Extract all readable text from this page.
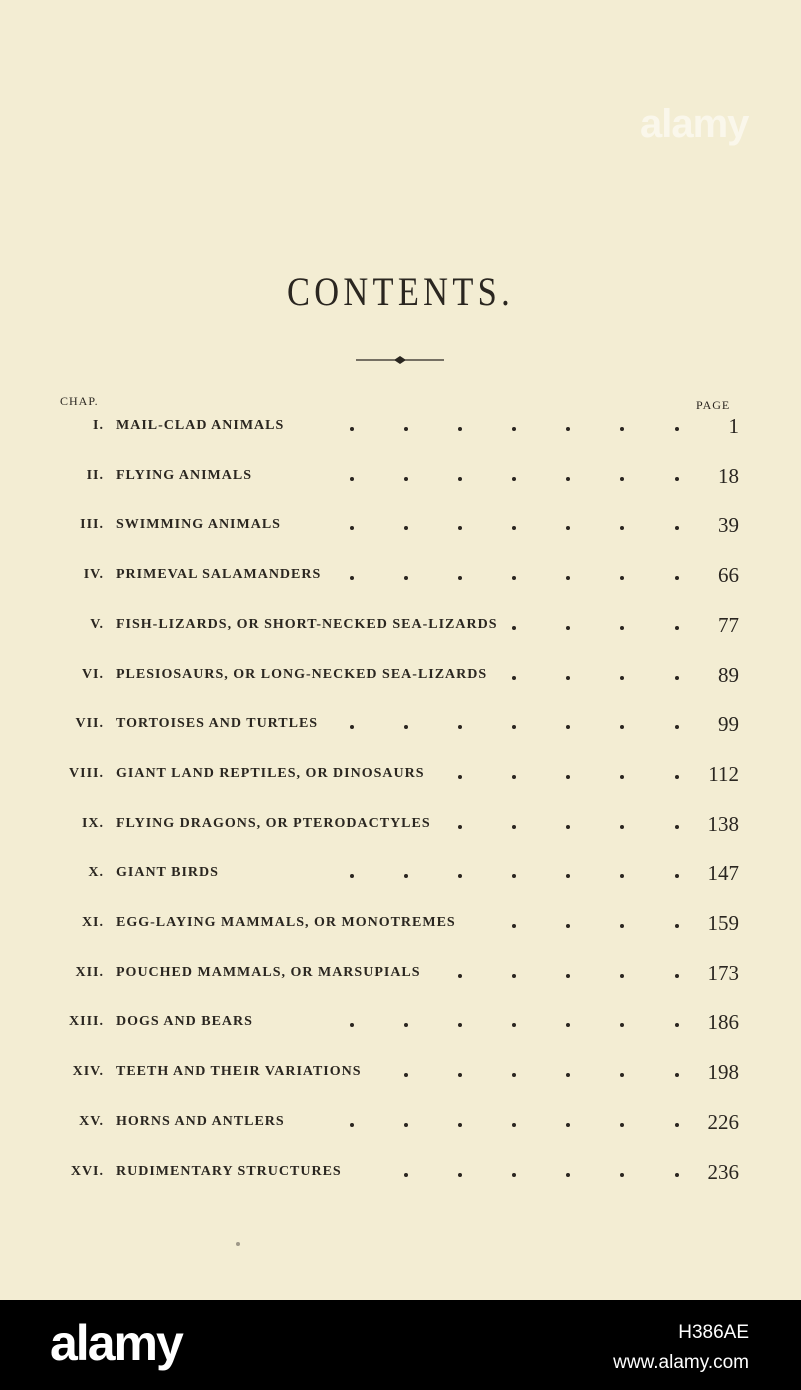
alamy
CONTENTS.
CHAP.	PAGE
I. MAIL-CLAD ANIMALS	1
II. FLYING ANIMALS	18
III. SWIMMING ANIMALS	39
IV. PRIMEVAL SALAMANDERS	66
V. FISH-LIZARDS, OR SHORT-NECKED SEA-LIZARDS	77
VI. PLESIOSAURS, OR LONG-NECKED SEA-LIZARDS	89
VII. TORTOISES AND TURTLES	99
VIII. GIANT LAND REPTILES, OR DINOSAURS	112
IX. FLYING DRAGONS, OR PTERODACTYLES	138
X. GIANT BIRDS	147
XI. EGG-LAYING MAMMALS, OR MONOTREMES	159
XII. POUCHED MAMMALS, OR MARSUPIALS	173
XIII. DOGS AND BEARS	186
XIV. TEETH AND THEIR VARIATIONS	198
XV. HORNS AND ANTLERS	226
XVI. RUDIMENTARY STRUCTURES	236
alamy	H386AE
www.alamy.com
